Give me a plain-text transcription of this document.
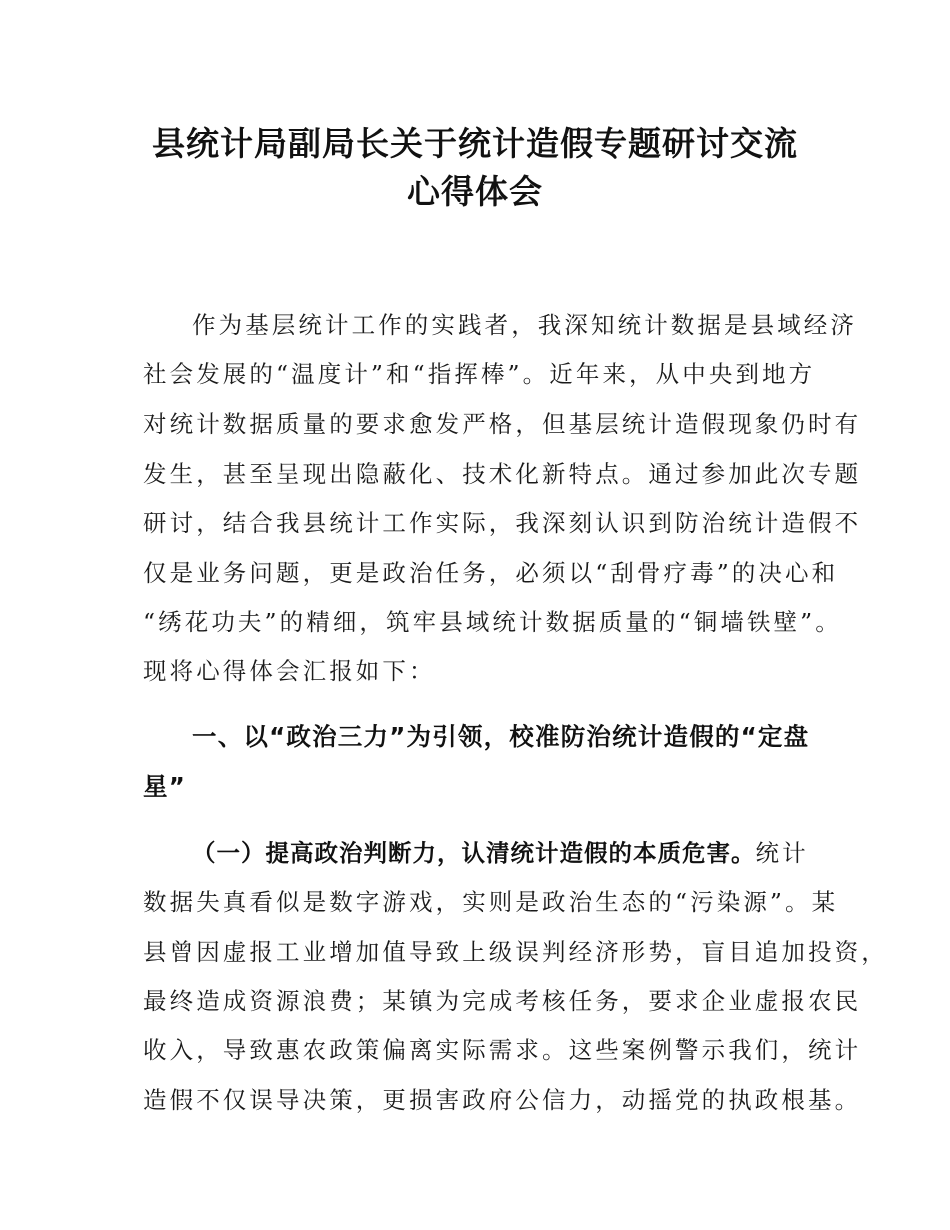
县统计局副局长关于统计造假专题研讨交流
心得体会
作为基层统计工作的实践者，我深知统计数据是县域经济
社会发展的“温度计”和“指挥棒”。近年来，从中央到地方
对统计数据质量的要求愈发严格，但基层统计造假现象仍时有
发生，甚至呈现出隐蔽化、技术化新特点。通过参加此次专题
研讨，结合我县统计工作实际，我深刻认识到防治统计造假不
仅是业务问题，更是政治任务，必须以“刮骨疗毒”的决心和
“绣花功夫”的精细，筑牢县域统计数据质量的“铜墙铁壁”。
现将心得体会汇报如下：
一、以“政治三力”为引领，校准防治统计造假的“定盘
星”
（一）提高政治判断力，认清统计造假的本质危害。统计
数据失真看似是数字游戏，实则是政治生态的“污染源”。某
县曾因虚报工业增加值导致上级误判经济形势，盲目追加投资，
最终造成资源浪费；某镇为完成考核任务，要求企业虚报农民
收入，导致惠农政策偏离实际需求。这些案例警示我们，统计
造假不仅误导决策，更损害政府公信力，动摇党的执政根基。
